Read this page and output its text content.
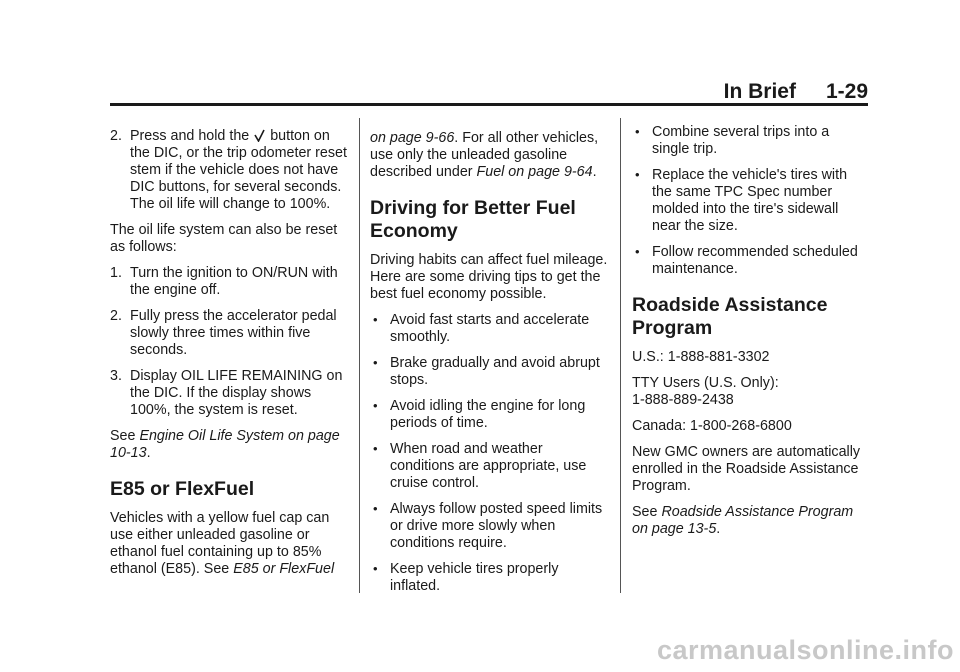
In Brief 1-29
2. Press and hold the button on the DIC, or the trip odometer reset stem if the vehicle does not have DIC buttons, for several seconds. The oil life will change to 100%.

The oil life system can also be reset as follows:

1. Turn the ignition to ON/RUN with the engine off.
2. Fully press the accelerator pedal slowly three times within five seconds.
3. Display OIL LIFE REMAINING on the DIC. If the display shows 100%, the system is reset.

See Engine Oil Life System on page 10-13.

E85 or FlexFuel

Vehicles with a yellow fuel cap can use either unleaded gasoline or ethanol fuel containing up to 85% ethanol (E85). See E85 or FlexFuel

on page 9-66. For all other vehicles, use only the unleaded gasoline described under Fuel on page 9-64.

Driving for Better Fuel Economy

Driving habits can affect fuel mileage. Here are some driving tips to get the best fuel economy possible.

• Avoid fast starts and accelerate smoothly.
• Brake gradually and avoid abrupt stops.
• Avoid idling the engine for long periods of time.
• When road and weather conditions are appropriate, use cruise control.
• Always follow posted speed limits or drive more slowly when conditions require.
• Keep vehicle tires properly inflated.
• Combine several trips into a single trip.
• Replace the vehicle's tires with the same TPC Spec number molded into the tire's sidewall near the size.
• Follow recommended scheduled maintenance.
Roadside Assistance Program

U.S.: 1-888-881-3302

TTY Users (U.S. Only):
1-888-889-2438

Canada: 1-800-268-6800

New GMC owners are automatically enrolled in the Roadside Assistance Program.

See Roadside Assistance Program on page 13-5.

carmanualsonline.info
